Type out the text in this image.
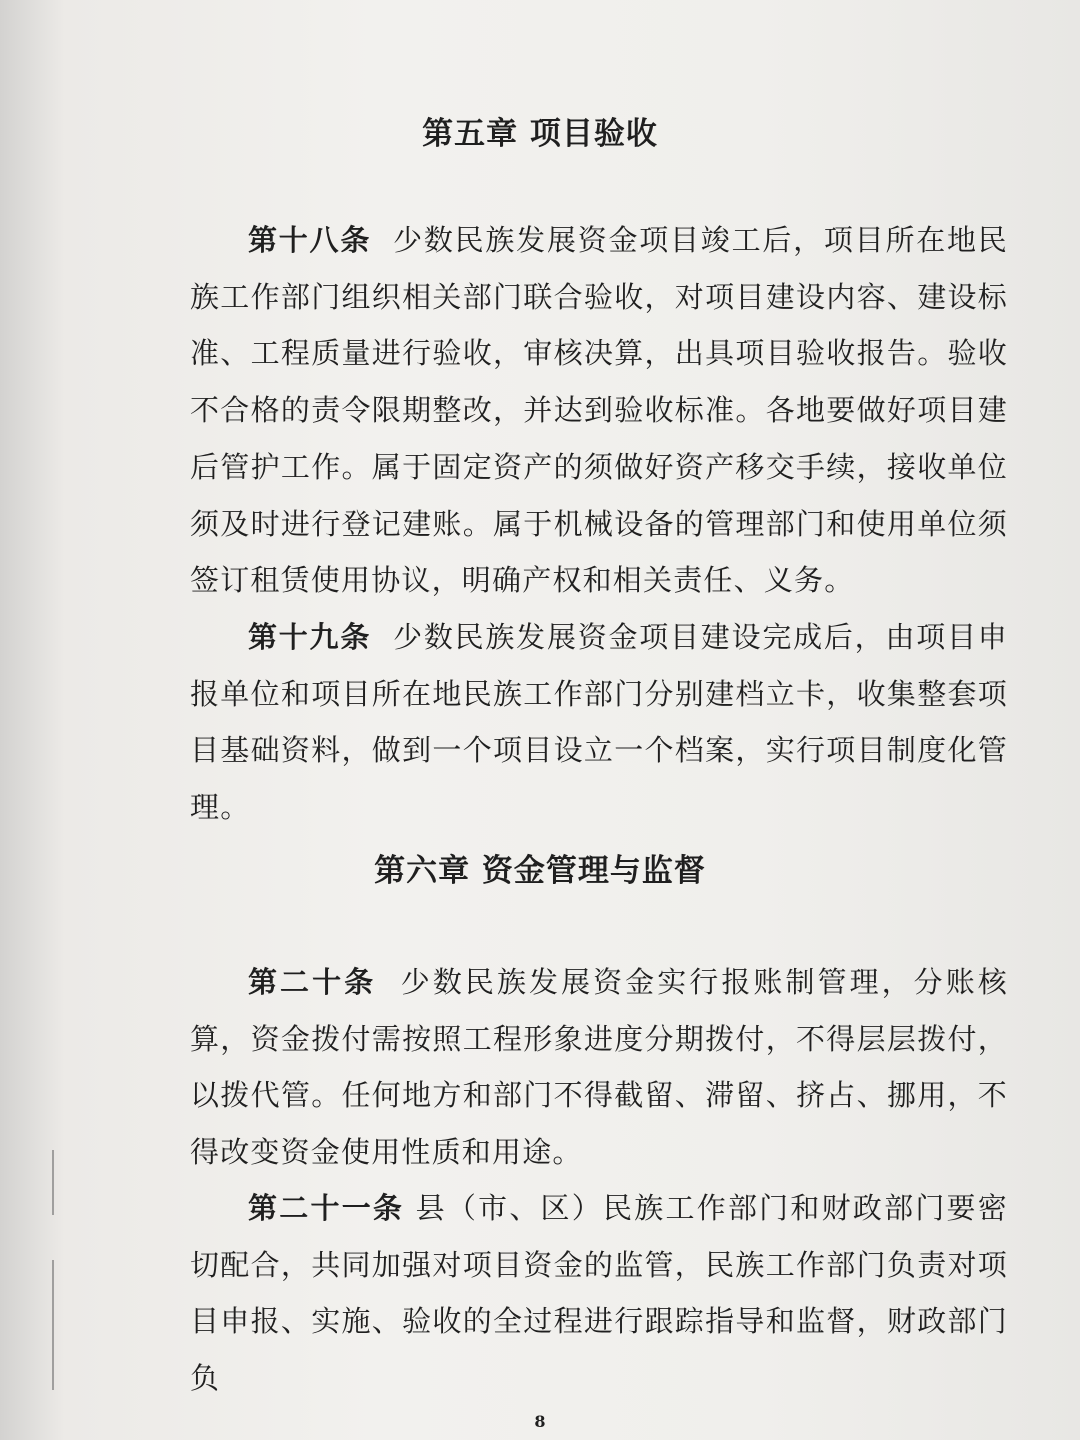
第五章 项目验收

第十八条 少数民族发展资金项目竣工后，项目所在地民族工作部门组织相关部门联合验收，对项目建设内容、建设标准、工程质量进行验收，审核决算，出具项目验收报告。验收不合格的责令限期整改，并达到验收标准。各地要做好项目建后管护工作。属于固定资产的须做好资产移交手续，接收单位须及时进行登记建账。属于机械设备的管理部门和使用单位须签订租赁使用协议，明确产权和相关责任、义务。

第十九条 少数民族发展资金项目建设完成后，由项目申报单位和项目所在地民族工作部门分别建档立卡，收集整套项目基础资料，做到一个项目设立一个档案，实行项目制度化管理。

第六章 资金管理与监督

第二十条 少数民族发展资金实行报账制管理，分账核算，资金拨付需按照工程形象进度分期拨付，不得层层拨付，以拨代管。任何地方和部门不得截留、滞留、挤占、挪用，不得改变资金使用性质和用途。

第二十一条 县（市、区）民族工作部门和财政部门要密切配合，共同加强对项目资金的监管，民族工作部门负责对项目申报、实施、验收的全过程进行跟踪指导和监督，财政部门负

8
